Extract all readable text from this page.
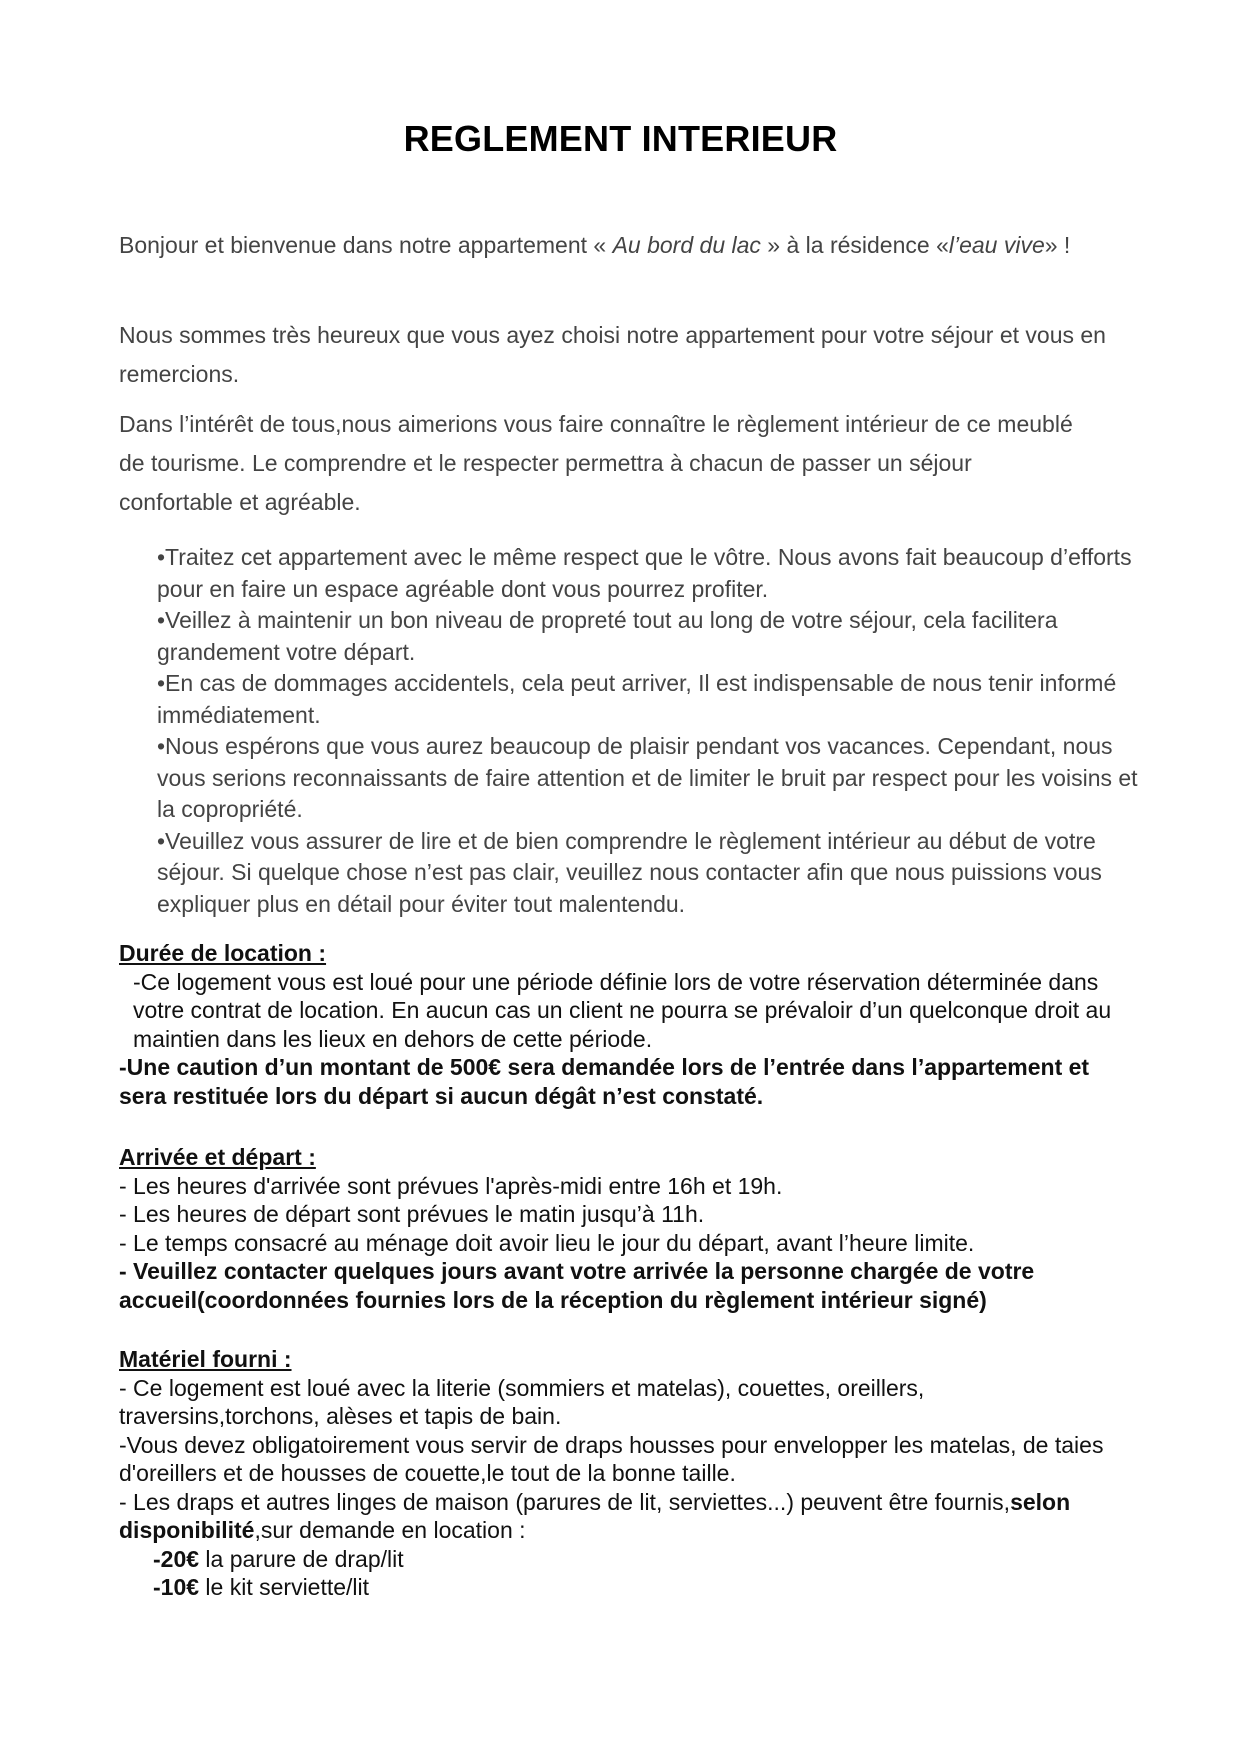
REGLEMENT INTERIEUR

Bonjour et bienvenue dans notre appartement « Au bord du lac » à la résidence «l’eau vive» !

Nous sommes très heureux que vous ayez choisi notre appartement pour votre séjour et vous en remercions.

Dans l’intérêt de tous,nous aimerions vous faire connaître le règlement intérieur de ce meublé de tourisme. Le comprendre et le respecter permettra à chacun de passer un séjour confortable et agréable.

•Traitez cet appartement avec le même respect que le vôtre. Nous avons fait beaucoup d’efforts pour en faire un espace agréable dont vous pourrez profiter.
•Veillez à maintenir un bon niveau de propreté tout au long de votre séjour, cela facilitera grandement votre départ.
•En cas de dommages accidentels, cela peut arriver, Il est indispensable de nous tenir informé immédiatement.
•Nous espérons que vous aurez beaucoup de plaisir pendant vos vacances. Cependant, nous vous serions reconnaissants de faire attention et de limiter le bruit par respect pour les voisins et la copropriété.
•Veuillez vous assurer de lire et de bien comprendre le règlement intérieur au début de votre séjour. Si quelque chose n’est pas clair, veuillez nous contacter afin que nous puissions vous expliquer plus en détail pour éviter tout malentendu.
Durée de location :
-Ce logement vous est loué pour une période définie lors de votre réservation déterminée dans votre contrat de location. En aucun cas un client ne pourra se prévaloir d’un quelconque droit au maintien dans les lieux en dehors de cette période.
-Une caution d’un montant de 500€ sera demandée lors de l’entrée dans l’appartement et sera restituée lors du départ si aucun dégât n’est constaté.
Arrivée et départ :
- Les heures d'arrivée sont prévues l'après-midi entre 16h et 19h.
- Les heures de départ sont prévues le matin jusqu’à 11h.
- Le temps consacré au ménage doit avoir lieu le jour du départ, avant l’heure limite.
- Veuillez contacter quelques jours avant votre arrivée la personne chargée de votre accueil(coordonnées fournies lors de la réception du règlement intérieur signé)
Matériel fourni :
- Ce logement est loué avec la literie (sommiers et matelas), couettes, oreillers, traversins,torchons, alèses et tapis de bain.
-Vous devez obligatoirement vous servir de draps housses pour envelopper les matelas, de taies d'oreillers et de housses de couette,le tout de la bonne taille.
- Les draps et autres linges de maison (parures de lit, serviettes...) peuvent être fournis,selon disponibilité,sur demande en location :
-20€ la parure de drap/lit
-10€ le kit serviette/lit
